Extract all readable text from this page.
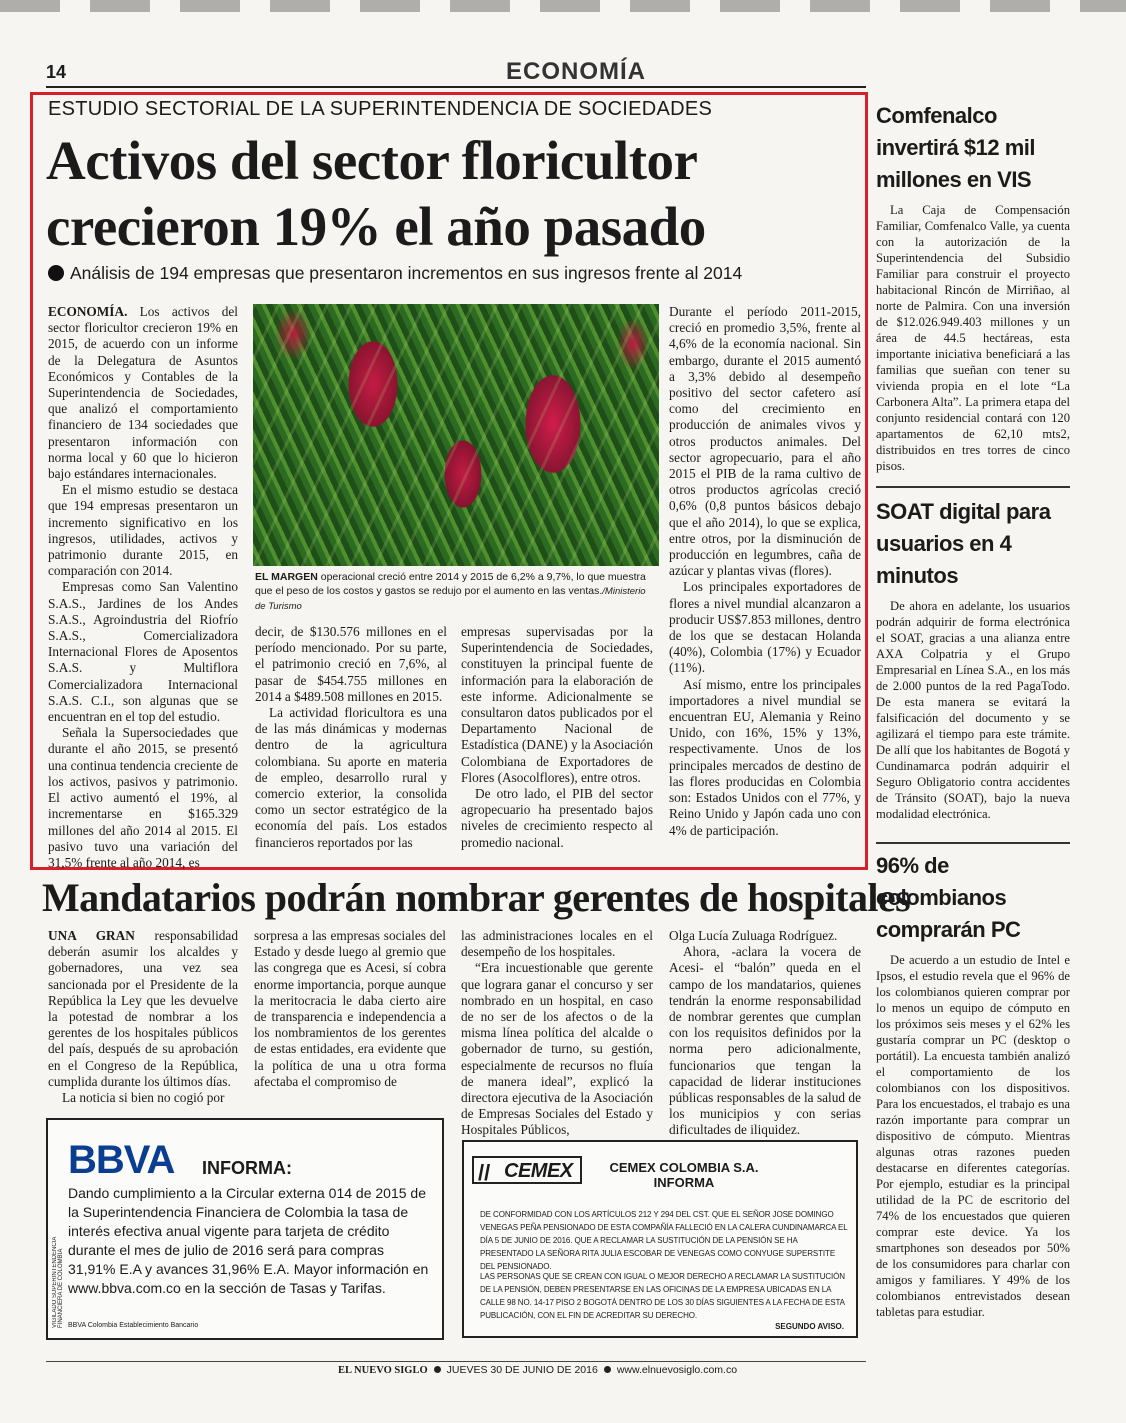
14	ECONOMÍA
ESTUDIO SECTORIAL DE LA SUPERINTENDENCIA DE SOCIEDADES
Activos del sector floricultor
crecieron 19% el año pasado
Análisis de 194 empresas que presentaron incrementos en sus ingresos frente al 2014

ECONOMÍA. Los activos del sector floricultor crecieron 19% en 2015, de acuerdo con un informe de la Delegatura de Asuntos Económicos y Contables de la Superintendencia de Sociedades, que analizó el comportamiento financiero de 134 sociedades que presentaron información con norma local y 60 que lo hicieron bajo estándares internacionales.

En el mismo estudio se destaca que 194 empresas presentaron un incremento significativo en los ingresos, utilidades, activos y patrimonio durante 2015, en comparación con 2014.

Empresas como San Valentino S.A.S., Jardines de los Andes S.A.S., Agroindustria del Riofrío S.A.S., Comercializadora Internacional Flores de Aposentos S.A.S. y Multiflora Comercializadora Internacional S.A.S. C.I., son algunas que se encuentran en el top del estudio.

Señala la Supersociedades que durante el año 2015, se presentó una continua tendencia creciente de los activos, pasivos y patrimonio. El activo aumentó el 19%, al incrementarse en $165.329 millones del año 2014 al 2015. El pasivo tuvo una variación del 31,5% frente al año 2014, es

EL MARGEN operacional creció entre 2014 y 2015 de 6,2% a 9,7%, lo que muestra que el peso de los costos y gastos se redujo por el aumento en las ventas./Ministerio de Turismo

decir, de $130.576 millones en el período mencionado. Por su parte, el patrimonio creció en 7,6%, al pasar de $454.755 millones en 2014 a $489.508 millones en 2015.

La actividad floricultora es una de las más dinámicas y modernas dentro de la agricultura colombiana. Su aporte en materia de empleo, desarrollo rural y comercio exterior, la consolida como un sector estratégico de la economía del país. Los estados financieros reportados por las

empresas supervisadas por la Superintendencia de Sociedades, constituyen la principal fuente de información para la elaboración de este informe. Adicionalmente se consultaron datos publicados por el Departamento Nacional de Estadística (DANE) y la Asociación Colombiana de Exportadores de Flores (Asocolflores), entre otros.

De otro lado, el PIB del sector agropecuario ha presentado bajos niveles de crecimiento respecto al promedio nacional.

Durante el período 2011-2015, creció en promedio 3,5%, frente al 4,6% de la economía nacional. Sin embargo, durante el 2015 aumentó a 3,3% debido al desempeño positivo del sector cafetero así como del crecimiento en producción de animales vivos y otros productos animales. Del sector agropecuario, para el año 2015 el PIB de la rama cultivo de otros productos agrícolas creció 0,6% (0,8 puntos básicos debajo que el año 2014), lo que se explica, entre otros, por la disminución de producción en legumbres, caña de azúcar y plantas vivas (flores).

Los principales exportadores de flores a nivel mundial alcanzaron a producir US$7.853 millones, dentro de los que se destacan Holanda (40%), Colombia (17%) y Ecuador (11%).

Así mismo, entre los principales importadores a nivel mundial se encuentran EU, Alemania y Reino Unido, con 16%, 15% y 13%, respectivamente. Unos de los principales mercados de destino de las flores producidas en Colombia son: Estados Unidos con el 77%, y Reino Unido y Japón cada uno con 4% de participación.

Comfenalco invertirá $12 mil millones en VIS

La Caja de Compensación Familiar, Comfenalco Valle, ya cuenta con la autorización de la Superintendencia del Subsidio Familiar para construir el proyecto habitacional Rincón de Mirriñao, al norte de Palmira. Con una inversión de $12.026.949.403 millones y un área de 44.5 hectáreas, esta importante iniciativa beneficiará a las familias que sueñan con tener su vivienda propia en el lote “La Carbonera Alta”. La primera etapa del conjunto residencial contará con 120 apartamentos de 62,10 mts2, distribuidos en tres torres de cinco pisos.

SOAT digital para usuarios en 4 minutos

De ahora en adelante, los usuarios podrán adquirir de forma electrónica el SOAT, gracias a una alianza entre AXA Colpatria y el Grupo Empresarial en Línea S.A., en los más de 2.000 puntos de la red PagaTodo. De esta manera se evitará la falsificación del documento y se agilizará el tiempo para este trámite. De allí que los habitantes de Bogotá y Cundinamarca podrán adquirir el Seguro Obligatorio contra accidentes de Tránsito (SOAT), bajo la nueva modalidad electrónica.

96% de colombianos comprarán PC

De acuerdo a un estudio de Intel e Ipsos, el estudio revela que el 96% de los colombianos quieren comprar por lo menos un equipo de cómputo en los próximos seis meses y el 62% les gustaría comprar un PC (desktop o portátil). La encuesta también analizó el comportamiento de los colombianos con los dispositivos. Para los encuestados, el trabajo es una razón importante para comprar un dispositivo de cómputo. Mientras algunas otras razones pueden destacarse en diferentes categorías. Por ejemplo, estudiar es la principal utilidad de la PC de escritorio del 74% de los encuestados que quieren comprar este device. Ya los smartphones son deseados por 50% de los consumidores para charlar con amigos y familiares. Y 49% de los colombianos entrevistados desean tabletas para estudiar.

Mandatarios podrán nombrar gerentes de hospitales

UNA GRAN responsabilidad deberán asumir los alcaldes y gobernadores, una vez sea sancionada por el Presidente de la República la Ley que les devuelve la potestad de nombrar a los gerentes de los hospitales públicos del país, después de su aprobación en el Congreso de la República, cumplida durante los últimos días.

La noticia si bien no cogió por

sorpresa a las empresas sociales del Estado y desde luego al gremio que las congrega que es Acesi, sí cobra enorme importancia, porque aunque la meritocracia le daba cierto aire de transparencia e independencia a los nombramientos de los gerentes de estas entidades, era evidente que la política de una u otra forma afectaba el compromiso de

las administraciones locales en el desempeño de los hospitales.

“Era incuestionable que gerente que lograra ganar el concurso y ser nombrado en un hospital, en caso de no ser de los afectos o de la misma línea política del alcalde o gobernador de turno, su gestión, especialmente de recursos no fluía de manera ideal”, explicó la directora ejecutiva de la Asociación de Empresas Sociales del Estado y Hospitales Públicos,

Olga Lucía Zuluaga Rodríguez.

Ahora, -aclara la vocera de Acesi- el “balón” queda en el campo de los mandatarios, quienes tendrán la enorme responsabilidad de nombrar gerentes que cumplan con los requisitos definidos por la norma pero adicionalmente, funcionarios que tengan la capacidad de liderar instituciones públicas responsables de la salud de los municipios y con serias dificultades de iliquidez.

BBVA INFORMA:
Dando cumplimiento a la Circular externa 014 de 2015 de la Superintendencia Financiera de Colombia la tasa de interés efectiva anual vigente para tarjeta de crédito durante el mes de julio de 2016 será para compras 31,91% E.A y avances 31,96% E.A. Mayor información en www.bbva.com.co en la sección de Tasas y Tarifas.
VIGILADO SUPERINTENDENCIA FINANCIERA DE COLOMBIA BBVA Colombia Establecimiento Bancario
// CEMEX	CEMEX COLOMBIA S.A.
INFORMA
DE CONFORMIDAD CON LOS ARTÍCULOS 212 Y 294 DEL CST. QUE EL SEÑOR JOSE DOMINGO VENEGAS PEÑA PENSIONADO DE ESTA COMPAÑÍA FALLECIÓ EN LA CALERA CUNDINAMARCA EL DÍA 5 DE JUNIO DE 2016. QUE A RECLAMAR LA SUSTITUCIÓN DE LA PENSIÓN SE HA PRESENTADO LA SEÑORA RITA JULIA ESCOBAR DE VENEGAS COMO CONYUGE SUPERSTITE DEL PENSIONADO.
LAS PERSONAS QUE SE CREAN CON IGUAL O MEJOR DERECHO A RECLAMAR LA SUSTITUCIÓN DE LA PENSIÓN, DEBEN PRESENTARSE EN LAS OFICINAS DE LA EMPRESA UBICADAS EN LA CALLE 98 NO. 14-17 PISO 2 BOGOTÁ DENTRO DE LOS 30 DÍAS SIGUIENTES A LA FECHA DE ESTA PUBLICACIÓN, CON EL FIN DE ACREDITAR SU DERECHO.
SEGUNDO AVISO.
EL NUEVO SIGLO JUEVES 30 DE JUNIO DE 2016 www.elnuevosiglo.com.co
